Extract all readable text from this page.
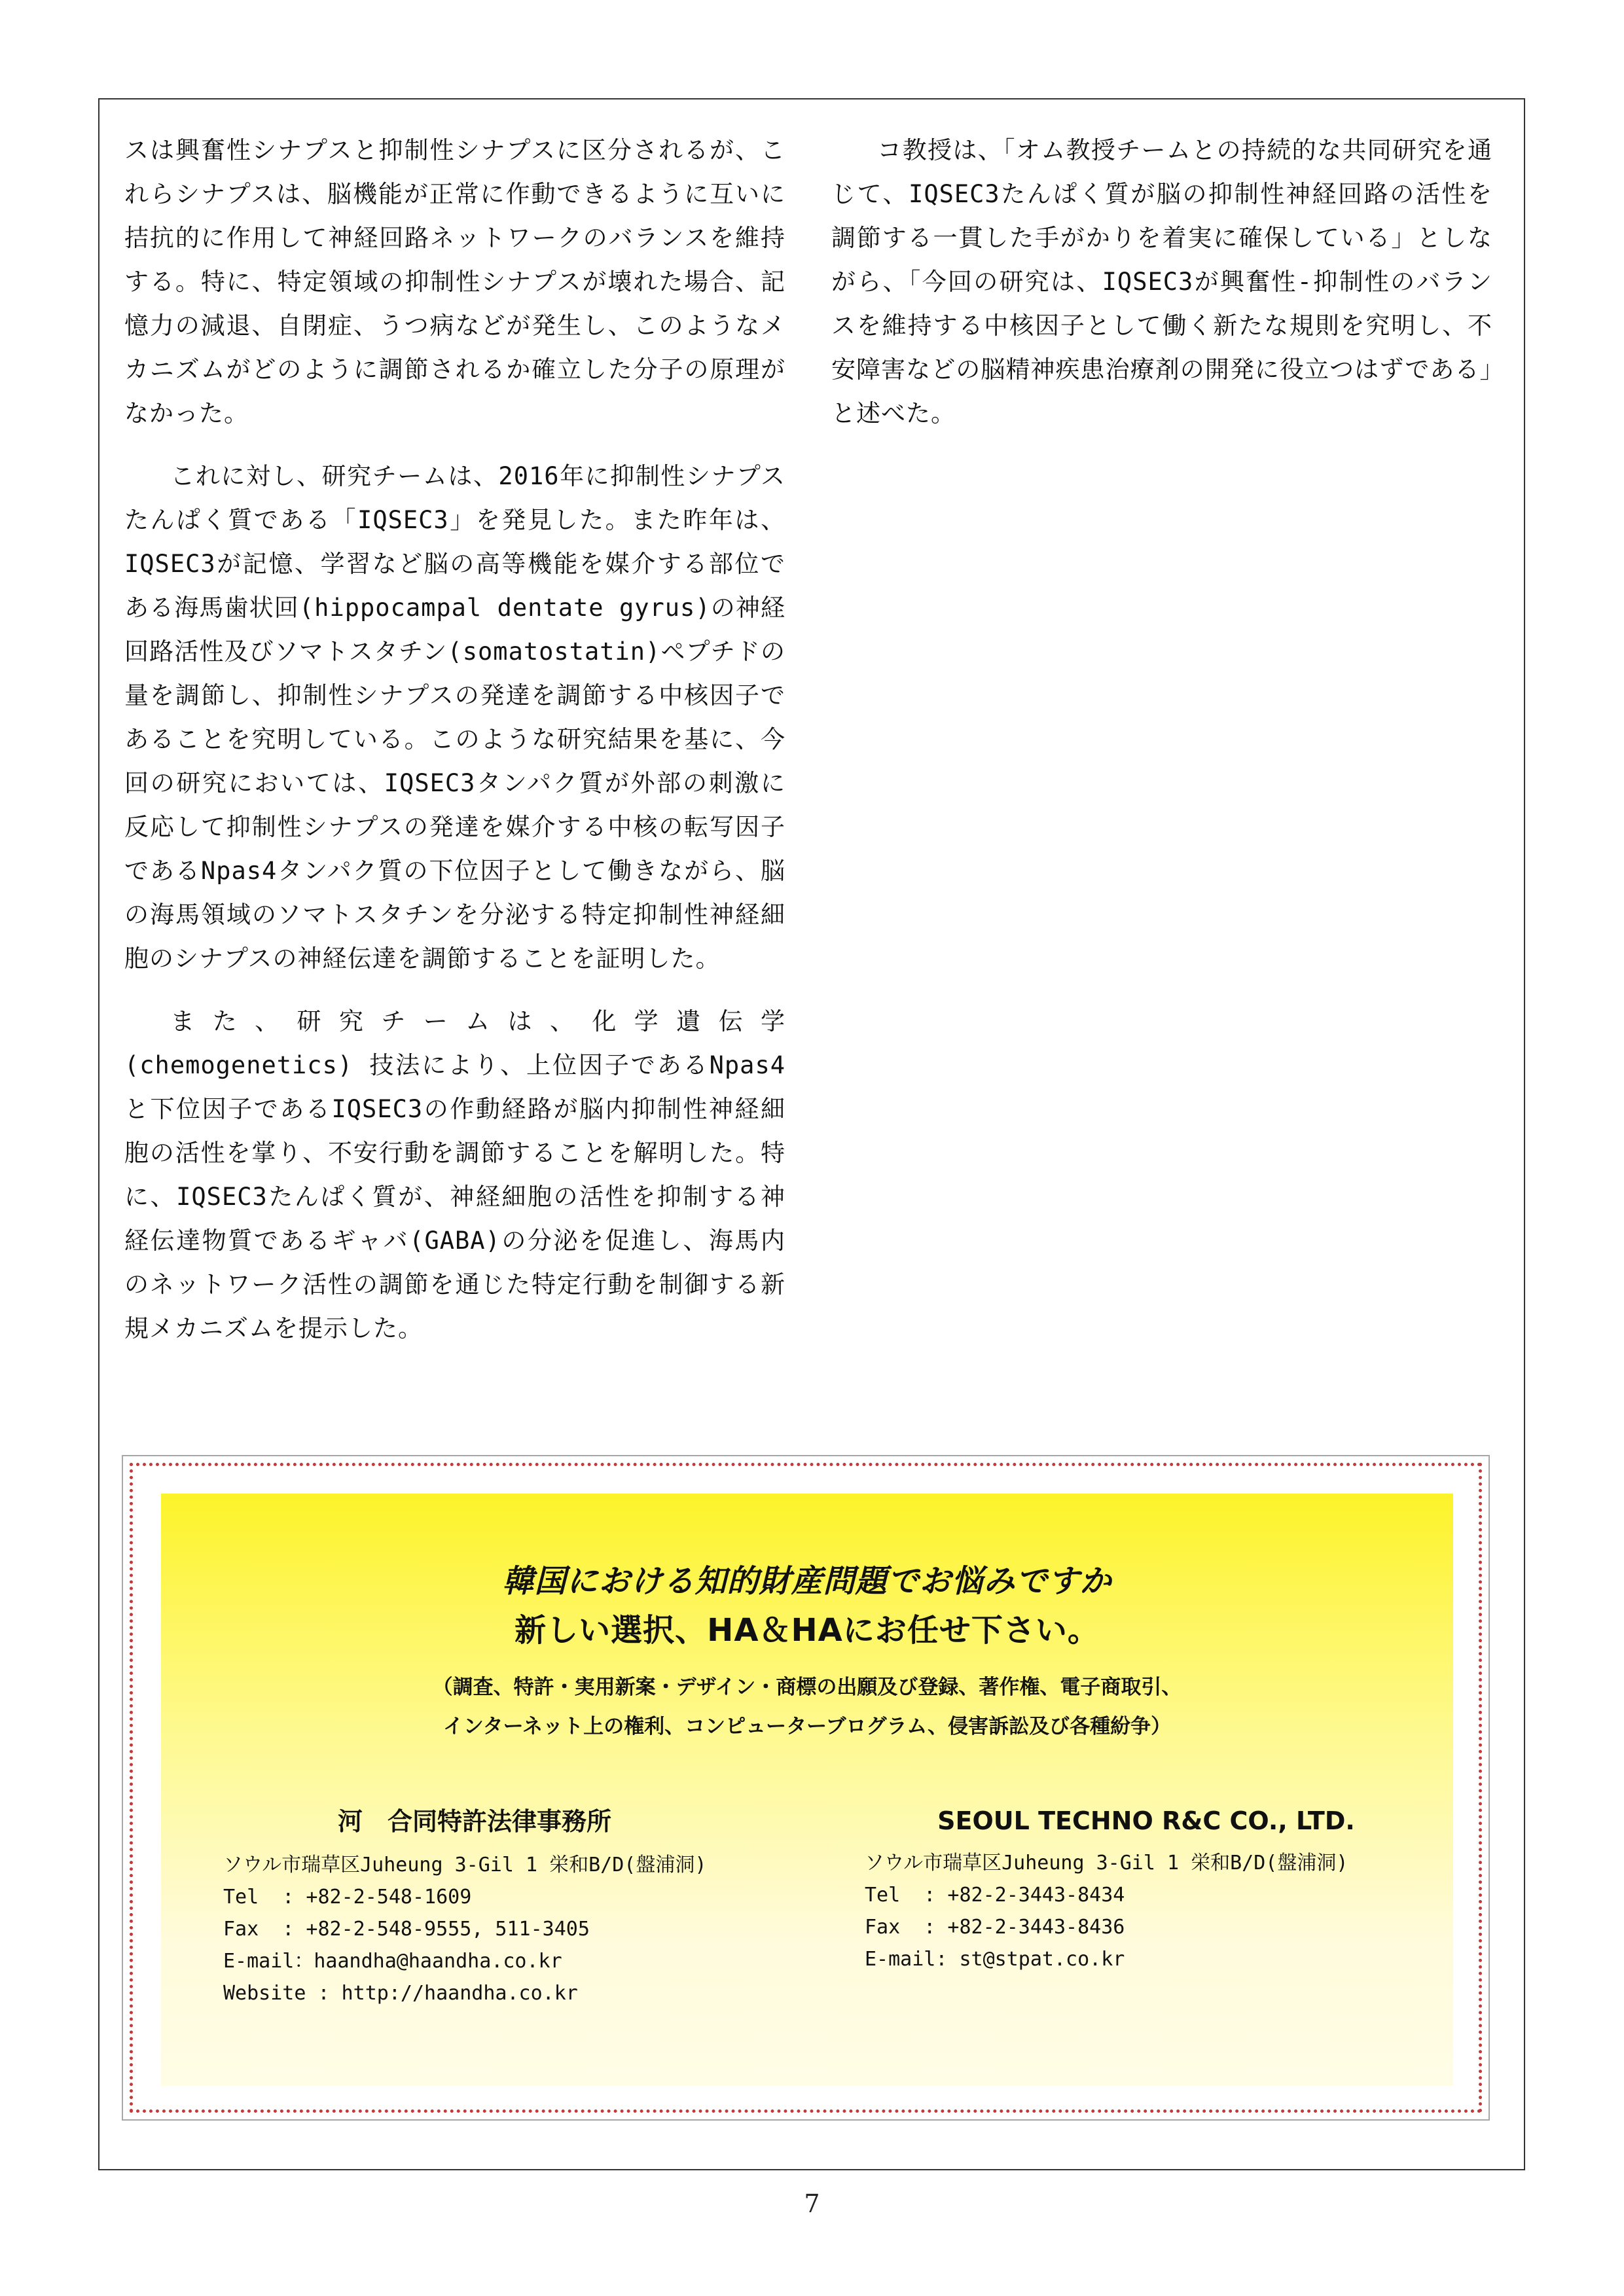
スは興奮性シナプスと抑制性シナプスに区分されるが、これらシナプスは、脳機能が正常に作動できるように互いに拮抗的に作用して神経回路ネットワークのバランスを維持する。特に、特定領域の抑制性シナプスが壊れた場合、記憶力の減退、自閉症、うつ病などが発生し、このようなメカニズムがどのように調節されるか確立した分子の原理がなかった。

これに対し、研究チームは、2016年に抑制性シナプスたんぱく質である「IQSEC3」を発見した。また昨年は、IQSEC3が記憶、学習など脳の高等機能を媒介する部位である海馬歯状回(hippocampal dentate gyrus)の神経回路活性及びソマトスタチン(somatostatin)ペプチドの量を調節し、抑制性シナプスの発達を調節する中核因子であることを究明している。このような研究結果を基に、今回の研究においては、IQSEC3タンパク質が外部の刺激に反応して抑制性シナプスの発達を媒介する中核の転写因子であるNpas4タンパク質の下位因子として働きながら、脳の海馬領域のソマトスタチンを分泌する特定抑制性神経細胞のシナプスの神経伝達を調節することを証明した。

また、研究チームは、化学遺伝学 (chemogenetics) 技法により、上位因子であるNpas4と下位因子であるIQSEC3の作動経路が脳内抑制性神経細胞の活性を掌り、不安行動を調節することを解明した。特に、IQSEC3たんぱく質が、神経細胞の活性を抑制する神経伝達物質であるギャバ(GABA)の分泌を促進し、海馬内のネットワーク活性の調節を通じた特定行動を制御する新規メカニズムを提示した。

コ教授は、「オム教授チームとの持続的な共同研究を通じて、IQSEC3たんぱく質が脳の抑制性神経回路の活性を調節する一貫した手がかりを着実に確保している」としながら、「今回の研究は、IQSEC3が興奮性-抑制性のバランスを維持する中核因子として働く新たな規則を究明し、不安障害などの脳精神疾患治療剤の開発に役立つはずである」と述べた。

韓国における知的財産問題でお悩みですか
新しい選択、HA＆HAにお任せ下さい。
（調査、特許・実用新案・デザイン・商標の出願及び登録、著作権、電子商取引、
インターネット上の権利、コンピューターブログラム、侵害訴訟及び各種紛争）
河　合同特許法律事務所
ソウル市瑞草区Juheung 3-Gil 1 栄和B/D(盤浦洞)
Tel  : +82-2-548-1609
Fax  : +82-2-548-9555, 511-3405
E-mail：haandha@haandha.co.kr
Website : http://haandha.co.kr
SEOUL TECHNO R&C CO., LTD.
ソウル市瑞草区Juheung 3-Gil 1 栄和B/D(盤浦洞)
Tel  : +82-2-3443-8434
Fax  : +82-2-3443-8436
E-mail: st@stpat.co.kr
7
